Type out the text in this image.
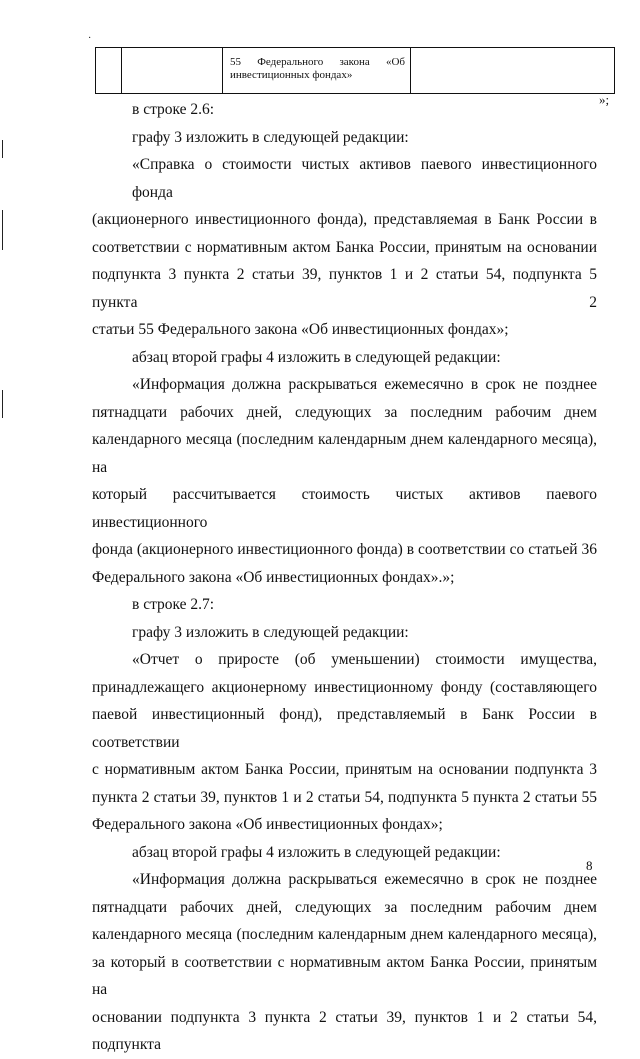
·

55 Федерального закона «Об
инвестиционных фондах»

»;

в строке 2.6:

графу 3 изложить в следующей редакции:

«Справка о стоимости чистых активов паевого инвестиционного фонда
(акционерного инвестиционного фонда), представляемая в Банк России в
соответствии с нормативным актом Банка России, принятым на основании
подпункта 3 пункта 2 статьи 39, пунктов 1 и 2 статьи 54, подпункта 5 пункта 2
статьи 55 Федерального закона «Об инвестиционных фондах»;

абзац второй графы 4 изложить в следующей редакции:

«Информация должна раскрываться ежемесячно в срок не позднее
пятнадцати рабочих дней, следующих за последним рабочим днем
календарного месяца (последним календарным днем календарного месяца), на
который рассчитывается стоимость чистых активов паевого инвестиционного
фонда (акционерного инвестиционного фонда) в соответствии со статьей 36
Федерального закона «Об инвестиционных фондах».»;

в строке 2.7:

графу 3 изложить в следующей редакции:

«Отчет о приросте (об уменьшении) стоимости имущества,
принадлежащего акционерному инвестиционному фонду (составляющего
паевой инвестиционный фонд), представляемый в Банк России в соответствии
с нормативным актом Банка России, принятым на основании подпункта 3
пункта 2 статьи 39, пунктов 1 и 2 статьи 54, подпункта 5 пункта 2 статьи 55
Федерального закона «Об инвестиционных фондах»;

абзац второй графы 4 изложить в следующей редакции:

«Информация должна раскрываться ежемесячно в срок не позднее
пятнадцати рабочих дней, следующих за последним рабочим днем
календарного месяца (последним календарным днем календарного месяца),
за который в соответствии с нормативным актом Банка России, принятым на
основании подпункта 3 пункта 2 статьи 39, пунктов 1 и 2 статьи 54, подпункта

8
